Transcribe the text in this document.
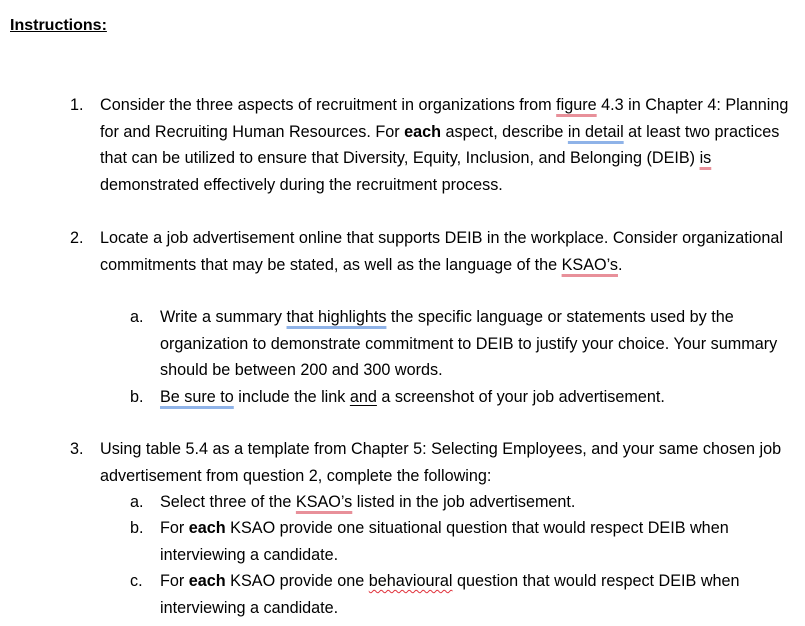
Instructions:
1. Consider the three aspects of recruitment in organizations from figure 4.3 in Chapter 4: Planning for and Recruiting Human Resources. For each aspect, describe in detail at least two practices that can be utilized to ensure that Diversity, Equity, Inclusion, and Belonging (DEIB) is demonstrated effectively during the recruitment process.
2. Locate a job advertisement online that supports DEIB in the workplace. Consider organizational commitments that may be stated, as well as the language of the KSAO’s.
a. Write a summary that highlights the specific language or statements used by the organization to demonstrate commitment to DEIB to justify your choice. Your summary should be between 200 and 300 words.
b. Be sure to include the link and a screenshot of your job advertisement.
3. Using table 5.4 as a template from Chapter 5: Selecting Employees, and your same chosen job advertisement from question 2, complete the following:
a. Select three of the KSAO’s listed in the job advertisement.
b. For each KSAO provide one situational question that would respect DEIB when interviewing a candidate.
c. For each KSAO provide one behavioural question that would respect DEIB when interviewing a candidate.
